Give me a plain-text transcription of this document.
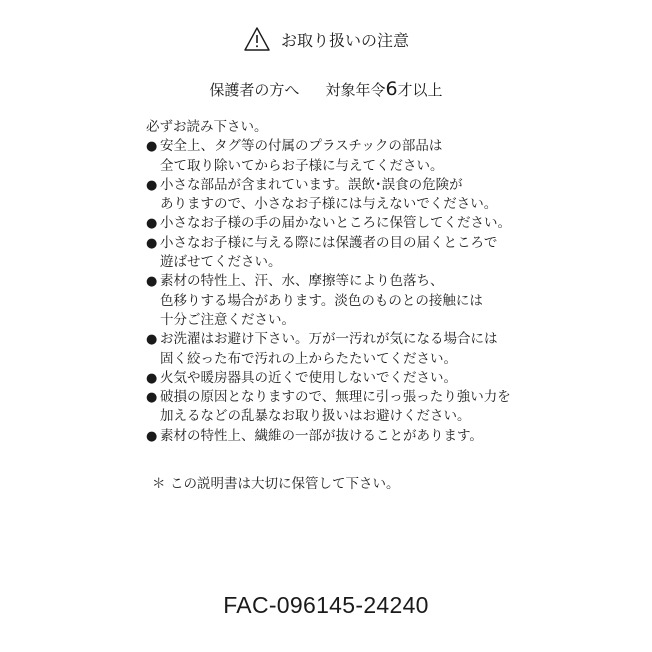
お取り扱いの注意
保護者の方へ 対象年令6才以上

必ずお読み下さい。

● 安全上、タグ等の付属のプラスチックの部品は
全て取り除いてからお子様に与えてください。
● 小さな部品が含まれています。誤飲･誤食の危険が
ありますので、小さなお子様には与えないでください。
● 小さなお子様の手の届かないところに保管してください。
● 小さなお子様に与える際には保護者の目の届くところで
遊ばせてください。
● 素材の特性上、汗、水、摩擦等により色落ち、
色移りする場合があります。淡色のものとの接触には
十分ご注意ください。
● お洗濯はお避け下さい。万が一汚れが気になる場合には
固く絞った布で汚れの上からたたいてください。
● 火気や暖房器具の近くで使用しないでください。
● 破損の原因となりますので、無理に引っ張ったり強い力を
加えるなどの乱暴なお取り扱いはお避けください。
● 素材の特性上、繊維の一部が抜けることがあります。
＊ この説明書は大切に保管して下さい。
FAC-096145-24240
